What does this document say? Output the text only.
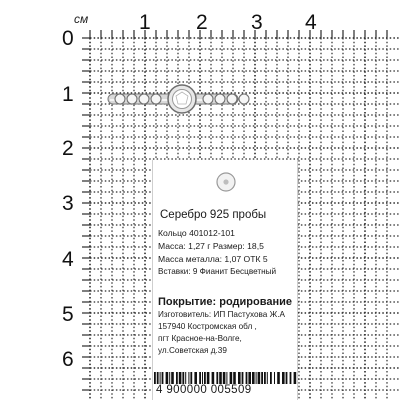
см 1 2 3 4
0
1
2
3
4
5
6
Серебро 925 пробы
Кольцо 401012-101
Масса: 1,27 г Размер: 18,5
Масса металла: 1,07 ОТК 5
Вставки: 9 Фианит Бесцветный
Покрытие: родирование
Изготовитель: ИП Пастухова Ж.А
157940 Костромская обл ,
пгт Красное-на-Волге,
ул.Советская д.39
4 900000 005509
